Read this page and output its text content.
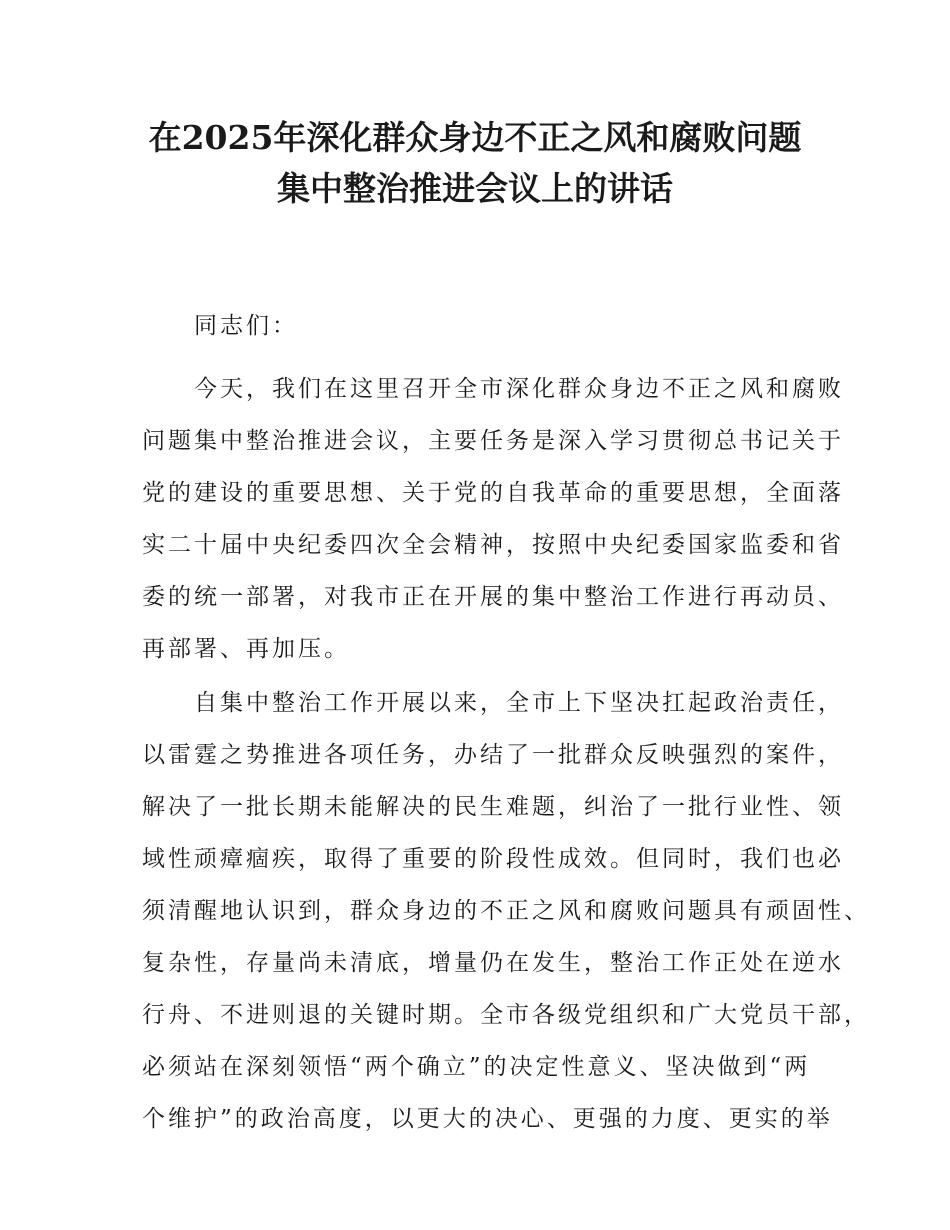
在2025年深化群众身边不正之风和腐败问题
集中整治推进会议上的讲话
同志们：
今天，我们在这里召开全市深化群众身边不正之风和腐败
问题集中整治推进会议，主要任务是深入学习贯彻总书记关于
党的建设的重要思想、关于党的自我革命的重要思想，全面落
实二十届中央纪委四次全会精神，按照中央纪委国家监委和省
委的统一部署，对我市正在开展的集中整治工作进行再动员、
再部署、再加压。
自集中整治工作开展以来，全市上下坚决扛起政治责任，
以雷霆之势推进各项任务，办结了一批群众反映强烈的案件，
解决了一批长期未能解决的民生难题，纠治了一批行业性、领
域性顽瘴痼疾，取得了重要的阶段性成效。但同时，我们也必
须清醒地认识到，群众身边的不正之风和腐败问题具有顽固性、
复杂性，存量尚未清底，增量仍在发生，整治工作正处在逆水
行舟、不进则退的关键时期。全市各级党组织和广大党员干部，
必须站在深刻领悟“两个确立”的决定性意义、坚决做到“两
个维护”的政治高度，以更大的决心、更强的力度、更实的举
